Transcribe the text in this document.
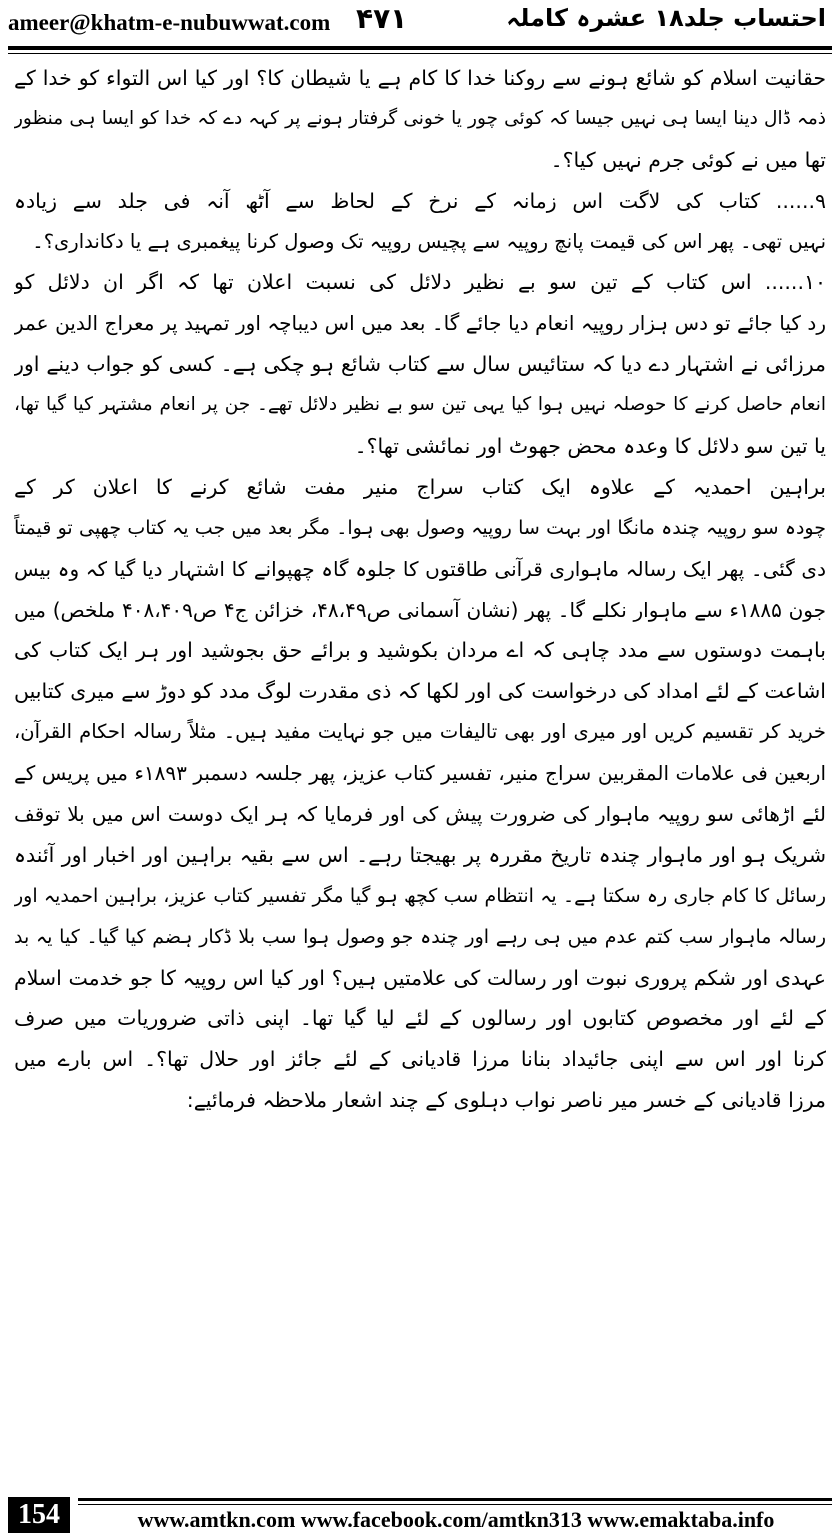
ameer@khatm-e-nubuwwat.com ۴۷۱	احتساب جلد۱۸ عشرہ کاملہ
حقانیت اسلام کو شائع ہونے سے روکنا خدا کا کام ہے یا شیطان کا؟ اور کیا اس التواء کو خدا کے
ذمہ ڈال دینا ایسا ہی نہیں جیسا کہ کوئی چور یا خونی گرفتار ہونے پر کہہ دے کہ خدا کو ایسا ہی منظور
تھا میں نے کوئی جرم نہیں کیا؟۔
۹...... کتاب کی لاگت اس زمانہ کے نرخ کے لحاظ سے آٹھ آنہ فی جلد سے زیادہ
نہیں تھی۔ پھر اس کی قیمت پانچ روپیہ سے پچیس روپیہ تک وصول کرنا پیغمبری ہے یا دکانداری؟۔
۱۰...... اس کتاب کے تین سو بے نظیر دلائل کی نسبت اعلان تھا کہ اگر ان دلائل کو
رد کیا جائے تو دس ہزار روپیہ انعام دیا جائے گا۔ بعد میں اس دیباچہ اور تمہید پر معراج الدین عمر
مرزائی نے اشتہار دے دیا کہ ستائیس سال سے کتاب شائع ہو چکی ہے۔ کسی کو جواب دینے اور
انعام حاصل کرنے کا حوصلہ نہیں ہوا کیا یہی تین سو بے نظیر دلائل تھے۔ جن پر انعام مشتہر کیا گیا تھا،
یا تین سو دلائل کا وعدہ محض جھوٹ اور نمائشی تھا؟۔
براہین احمدیہ کے علاوہ ایک کتاب سراج منیر مفت شائع کرنے کا اعلان کر کے
چودہ سو روپیہ چندہ مانگا اور بہت سا روپیہ وصول بھی ہوا۔ مگر بعد میں جب یہ کتاب چھپی تو قیمتاً
دی گئی۔ پھر ایک رسالہ ماہواری قرآنی طاقتوں کا جلوہ گاہ چھپوانے کا اشتہار دیا گیا کہ وہ بیس
جون ۱۸۸۵ء سے ماہوار نکلے گا۔ پھر (نشان آسمانی ص۴۸،۴۹، خزائن ج۴ ص۴۰۸،۴۰۹ ملخص) میں
باہمت دوستوں سے مدد چاہی کہ اے مردان بکوشید و برائے حق بجوشید اور ہر ایک کتاب کی
اشاعت کے لئے امداد کی درخواست کی اور لکھا کہ ذی مقدرت لوگ مدد کو دوڑ سے میری کتابیں
خرید کر تقسیم کریں اور میری اور بھی تالیفات میں جو نہایت مفید ہیں۔ مثلاً رسالہ احکام القرآن،
اربعین فی علامات المقربین سراج منیر، تفسیر کتاب عزیز، پھر جلسہ دسمبر ۱۸۹۳ء میں پریس کے
لئے اڑھائی سو روپیہ ماہوار کی ضرورت پیش کی اور فرمایا کہ ہر ایک دوست اس میں بلا توقف
شریک ہو اور ماہوار چندہ تاریخ مقررہ پر بھیجتا رہے۔ اس سے بقیہ براہین اور اخبار اور آئندہ
رسائل کا کام جاری رہ سکتا ہے۔ یہ انتظام سب کچھ ہو گیا مگر تفسیر کتاب عزیز، براہین احمدیہ اور
رسالہ ماہوار سب کتم عدم میں ہی رہے اور چندہ جو وصول ہوا سب بلا ڈکار ہضم کیا گیا۔ کیا یہ بد
عہدی اور شکم پروری نبوت اور رسالت کی علامتیں ہیں؟ اور کیا اس روپیہ کا جو خدمت اسلام
کے لئے اور مخصوص کتابوں اور رسالوں کے لئے لیا گیا تھا۔ اپنی ذاتی ضروریات میں صرف
کرنا اور اس سے اپنی جائیداد بنانا مرزا قادیانی کے لئے جائز اور حلال تھا؟۔ اس بارے میں
مرزا قادیانی کے خسر میر ناصر نواب دہلوی کے چند اشعار ملاحظہ فرمائیے:
154	www.amtkn.com www.facebook.com/amtkn313 www.emaktaba.info
